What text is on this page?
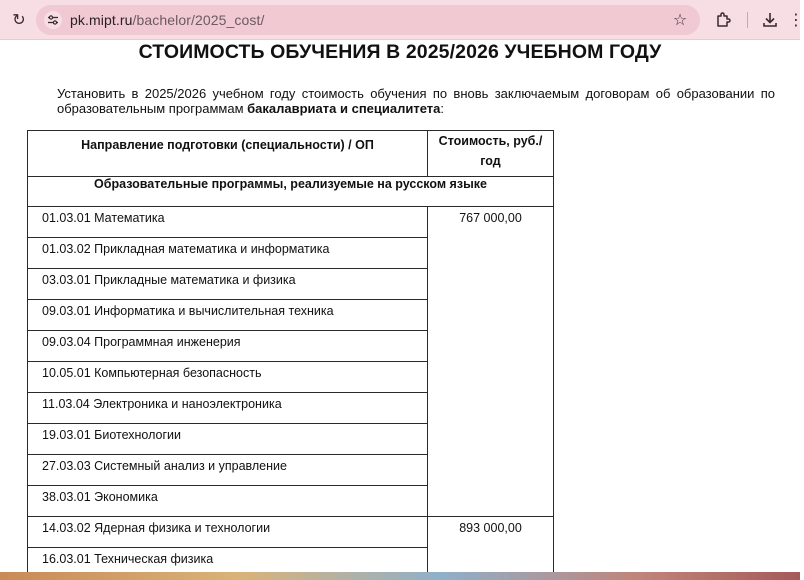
↻	pk.mipt.ru/bachelor/2025_cost/	☆	⋮
СТОИМОСТЬ ОБУЧЕНИЯ В 2025/2026 УЧЕБНОМ ГОДУ
Установить в 2025/2026 учебном году стоимость обучения по вновь заключаемым договорам об образовании по образовательным программам бакалавриата и специалитета:
Направление подготовки (специальности) / ОП	Стоимость, руб./ год
Образовательные программы, реализуемые на русском языке	
01.03.01 Математика	767 000,00
01.03.02 Прикладная математика и информатика	
03.03.01 Прикладные математика и физика	
09.03.01 Информатика и вычислительная техника	
09.03.04 Программная инженерия	
10.05.01 Компьютерная безопасность	
11.03.04 Электроника и наноэлектроника	
19.03.01 Биотехнологии	
27.03.03 Системный анализ и управление	
38.03.01 Экономика	
14.03.02 Ядерная физика и технологии	893 000,00
16.03.01 Техническая физика	
